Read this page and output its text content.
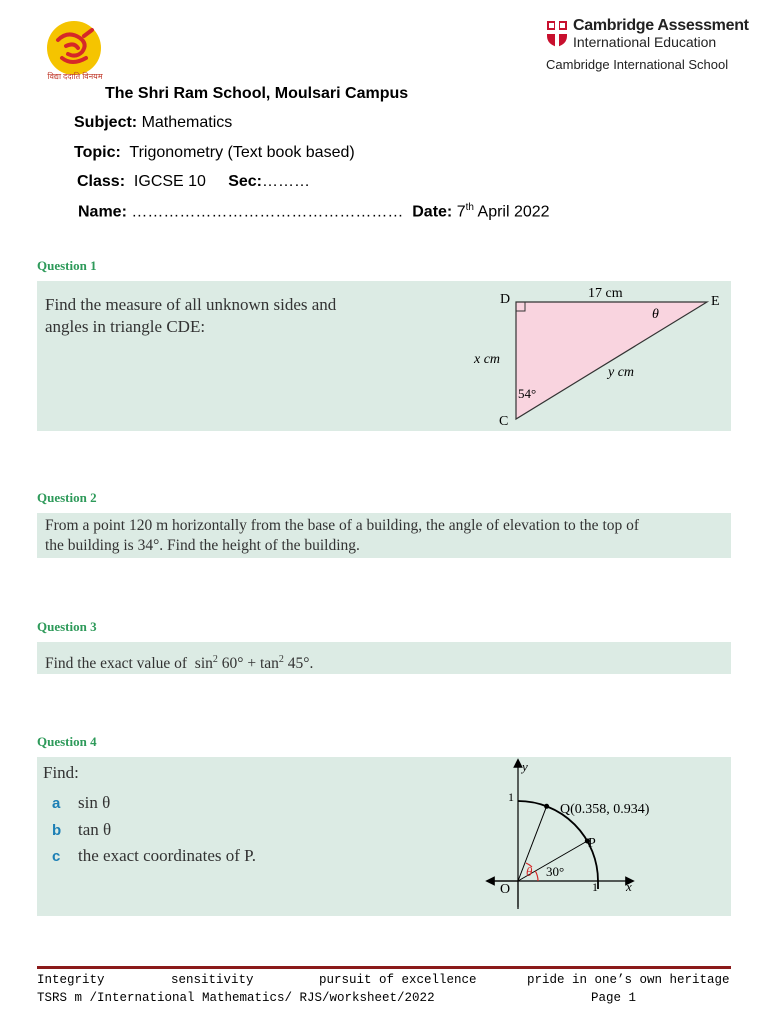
विद्या ददाति विनयम
Cambridge Assessment
International Education
Cambridge International School
The Shri Ram School, Moulsari Campus
Subject: Mathematics
Topic: Trigonometry (Text book based)
Class: IGCSE 10 Sec:………
Name: …………………………………………… Date: 7th April 2022
Question 1
Find the measure of all unknown sides and
angles in triangle CDE:
D	E
C
17 cm
x cm
y cm
θ
54°
Question 2
From a point 120 m horizontally from the base of a building, the angle of elevation to the top of
the building is 34°. Find the height of the building.
Question 3
Find the exact value of $\sin^2 60^\circ + \tan^2 45^\circ$.
Question 4
Find:
a sin θ
b tan θ
c the exact coordinates of P.
y
x
O
1
1
Q(0.358, 0.934)
P
θ 30°
Integrity	sensitivity	pursuit of excellence	pride in one’s own heritage
TSRS m /International Mathematics/ RJS/worksheet/2022	Page 1
